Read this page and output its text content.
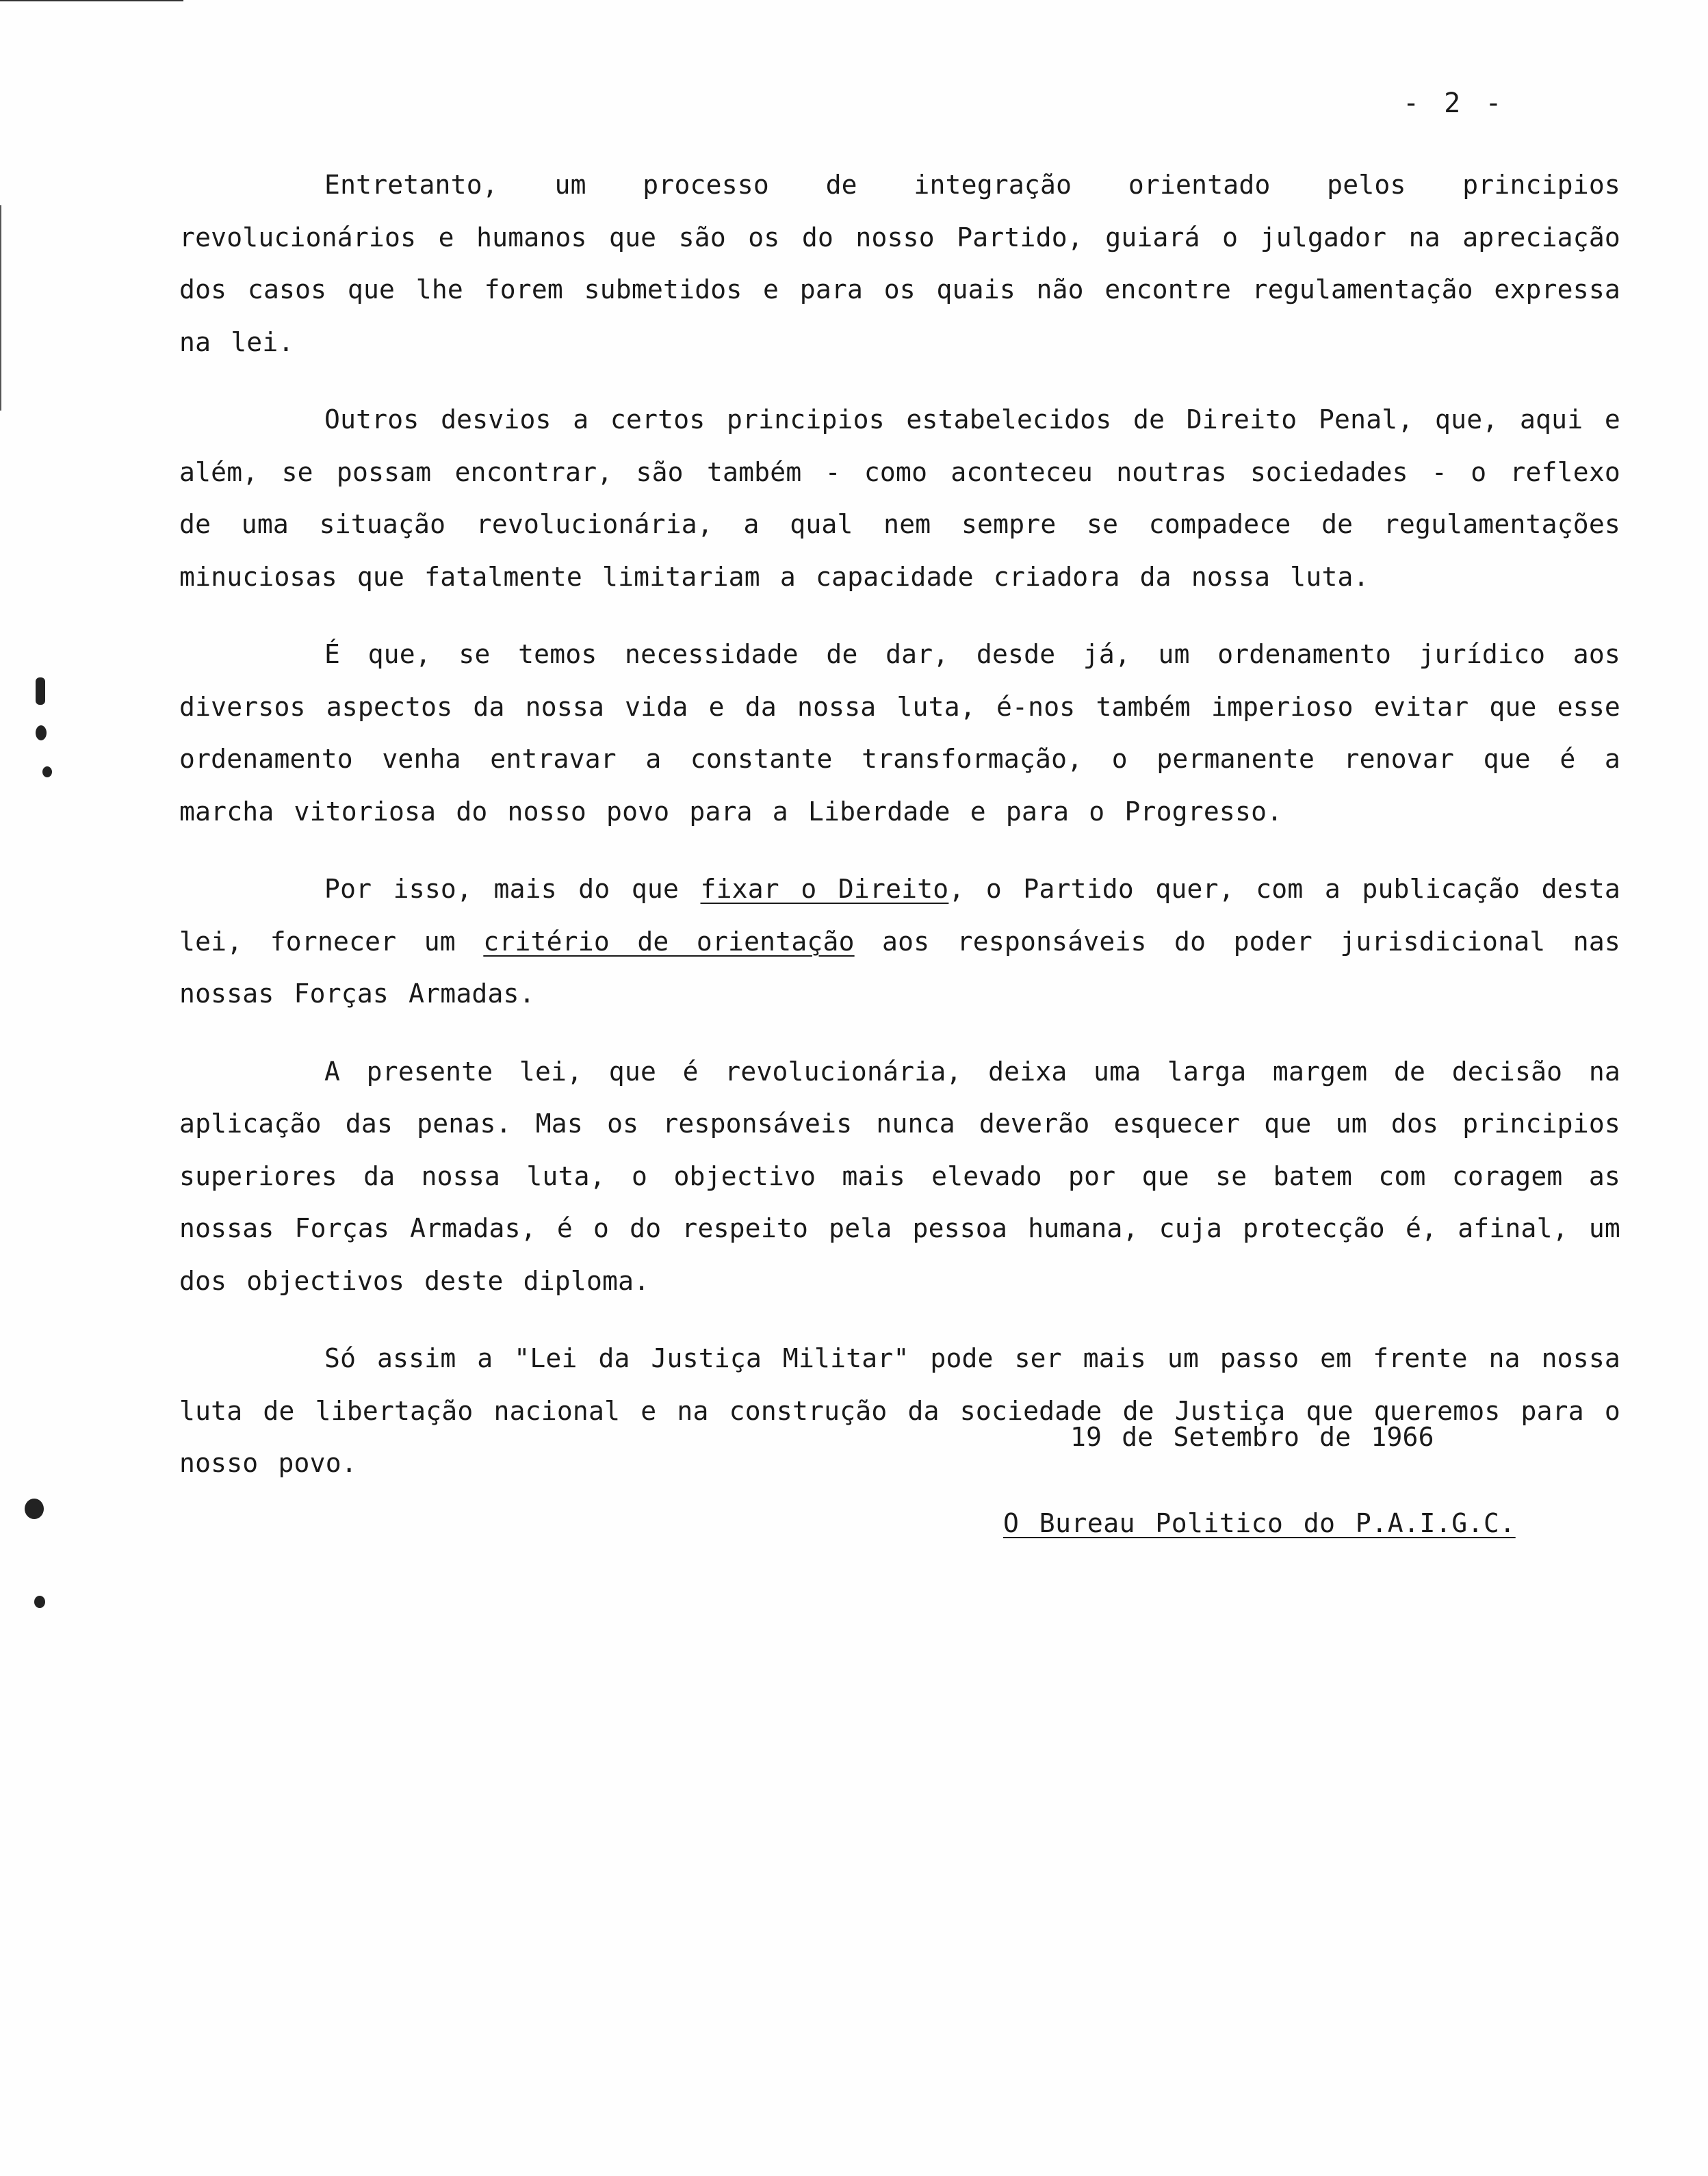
- 2 -

Entretanto, um processo de integração orientado pelos principios revolucionários e humanos que são os do nosso Partido, guiará o julgador na apreciação dos casos que lhe forem submetidos e para os quais não encontre regulamentação expressa na lei.

Outros desvios a certos principios estabelecidos de Direito Penal, que, aqui e além, se possam encontrar, são também - como aconteceu noutras sociedades - o reflexo de uma situação revolucionária, a qual nem sempre se compadece de regulamentações minuciosas que fatalmente limitariam a capacidade criadora da nossa luta.

É que, se temos necessidade de dar, desde já, um ordenamento jurídico aos diversos aspectos da nossa vida e da nossa luta, é-nos também imperioso evitar que esse ordenamento venha entravar a constante transformação, o permanente renovar que é a marcha vitoriosa do nosso povo para a Liberdade e para o Progresso.

Por isso, mais do que fixar o Direito, o Partido quer, com a publicação desta lei, fornecer um critério de orientação aos responsáveis do poder jurisdicional nas nossas Forças Armadas.

A presente lei, que é revolucionária, deixa uma larga margem de decisão na aplicação das penas. Mas os responsáveis nunca deverão esquecer que um dos principios superiores da nossa luta, o objectivo mais elevado por que se batem com coragem as nossas Forças Armadas, é o do respeito pela pessoa humana, cuja protecção é, afinal, um dos objectivos deste diploma.

Só assim a "Lei da Justiça Militar" pode ser mais um passo em frente na nossa luta de libertação nacional e na construção da sociedade de Justiça que queremos para o nosso povo.

19 de Setembro de 1966
O Bureau Politico do P.A.I.G.C.
